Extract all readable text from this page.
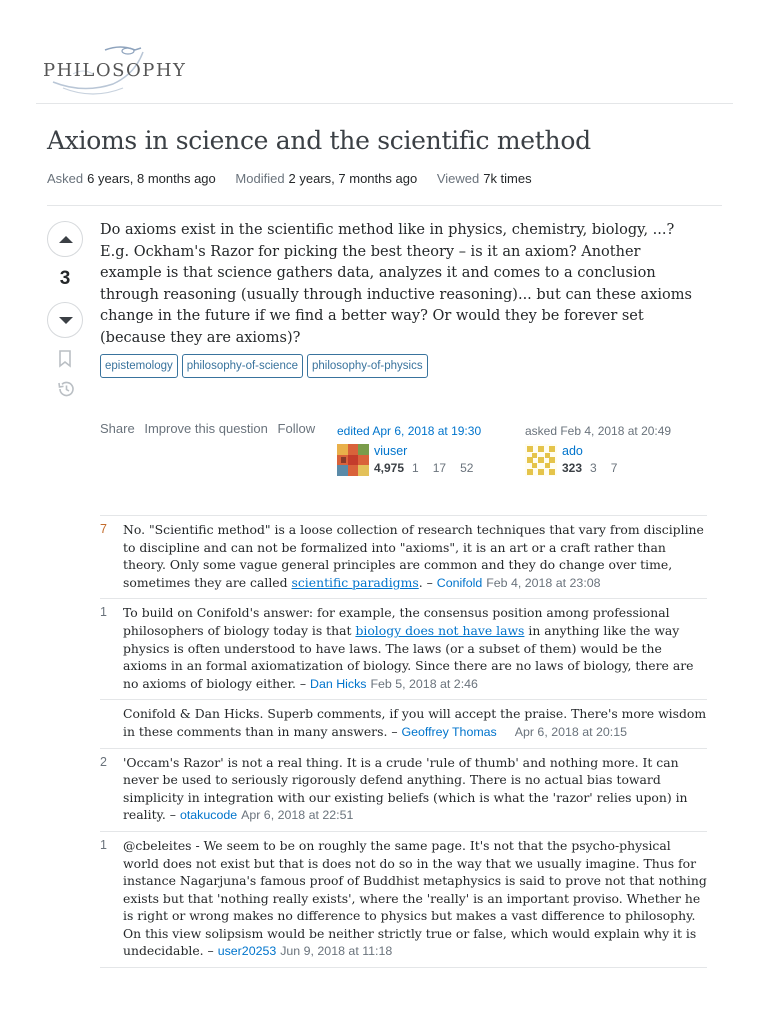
PHILOSOPHY
Axioms in science and the scientific method
Asked 6 years, 8 months ago Modified 2 years, 7 months ago Viewed 7k times
3

Do axioms exist in the scientific method like in physics, chemistry, biology, ...? E.g. Ockham's Razor for picking the best theory – is it an axiom? Another example is that science gathers data, analyzes it and comes to a conclusion through reasoning (usually through inductive reasoning)... but can these axioms change in the future if we find a better way? Or would they be forever set (because they are axioms)?

epistemology	philosophy-of-science	philosophy-of-physics
Share Improve this question Follow	edited Apr 6, 2018 at 19:30
viuser
4,975 1 17 52
asked Feb 4, 2018 at 20:49
ado
323 3 7
7	No. "Scientific method" is a loose collection of research techniques that vary from discipline to discipline and can not be formalized into "axioms", it is an art or a craft rather than theory. Only some vague general principles are common and they do change over time, sometimes they are called scientific paradigms. – Conifold Feb 4, 2018 at 23:08
1	To build on Conifold's answer: for example, the consensus position among professional philosophers of biology today is that biology does not have laws in anything like the way physics is often understood to have laws. The laws (or a subset of them) would be the axioms in an formal axiomatization of biology. Since there are no laws of biology, there are no axioms of biology either. – Dan Hicks Feb 5, 2018 at 2:46
Conifold & Dan Hicks. Superb comments, if you will accept the praise. There's more wisdom in these comments than in many answers. – Geoffrey Thomas Apr 6, 2018 at 20:15
2	'Occam's Razor' is not a real thing. It is a crude 'rule of thumb' and nothing more. It can never be used to seriously rigorously defend anything. There is no actual bias toward simplicity in integration with our existing beliefs (which is what the 'razor' relies upon) in reality. – otakucode Apr 6, 2018 at 22:51
1	@cbeleites - We seem to be on roughly the same page. It's not that the psycho-physical world does not exist but that is does not do so in the way that we usually imagine. Thus for instance Nagarjuna's famous proof of Buddhist metaphysics is said to prove not that nothing exists but that 'nothing really exists', where the 'really' is an important proviso. Whether he is right or wrong makes no difference to physics but makes a vast difference to philosophy. On this view solipsism would be neither strictly true or false, which would explain why it is undecidable. – user20253 Jun 9, 2018 at 11:18
